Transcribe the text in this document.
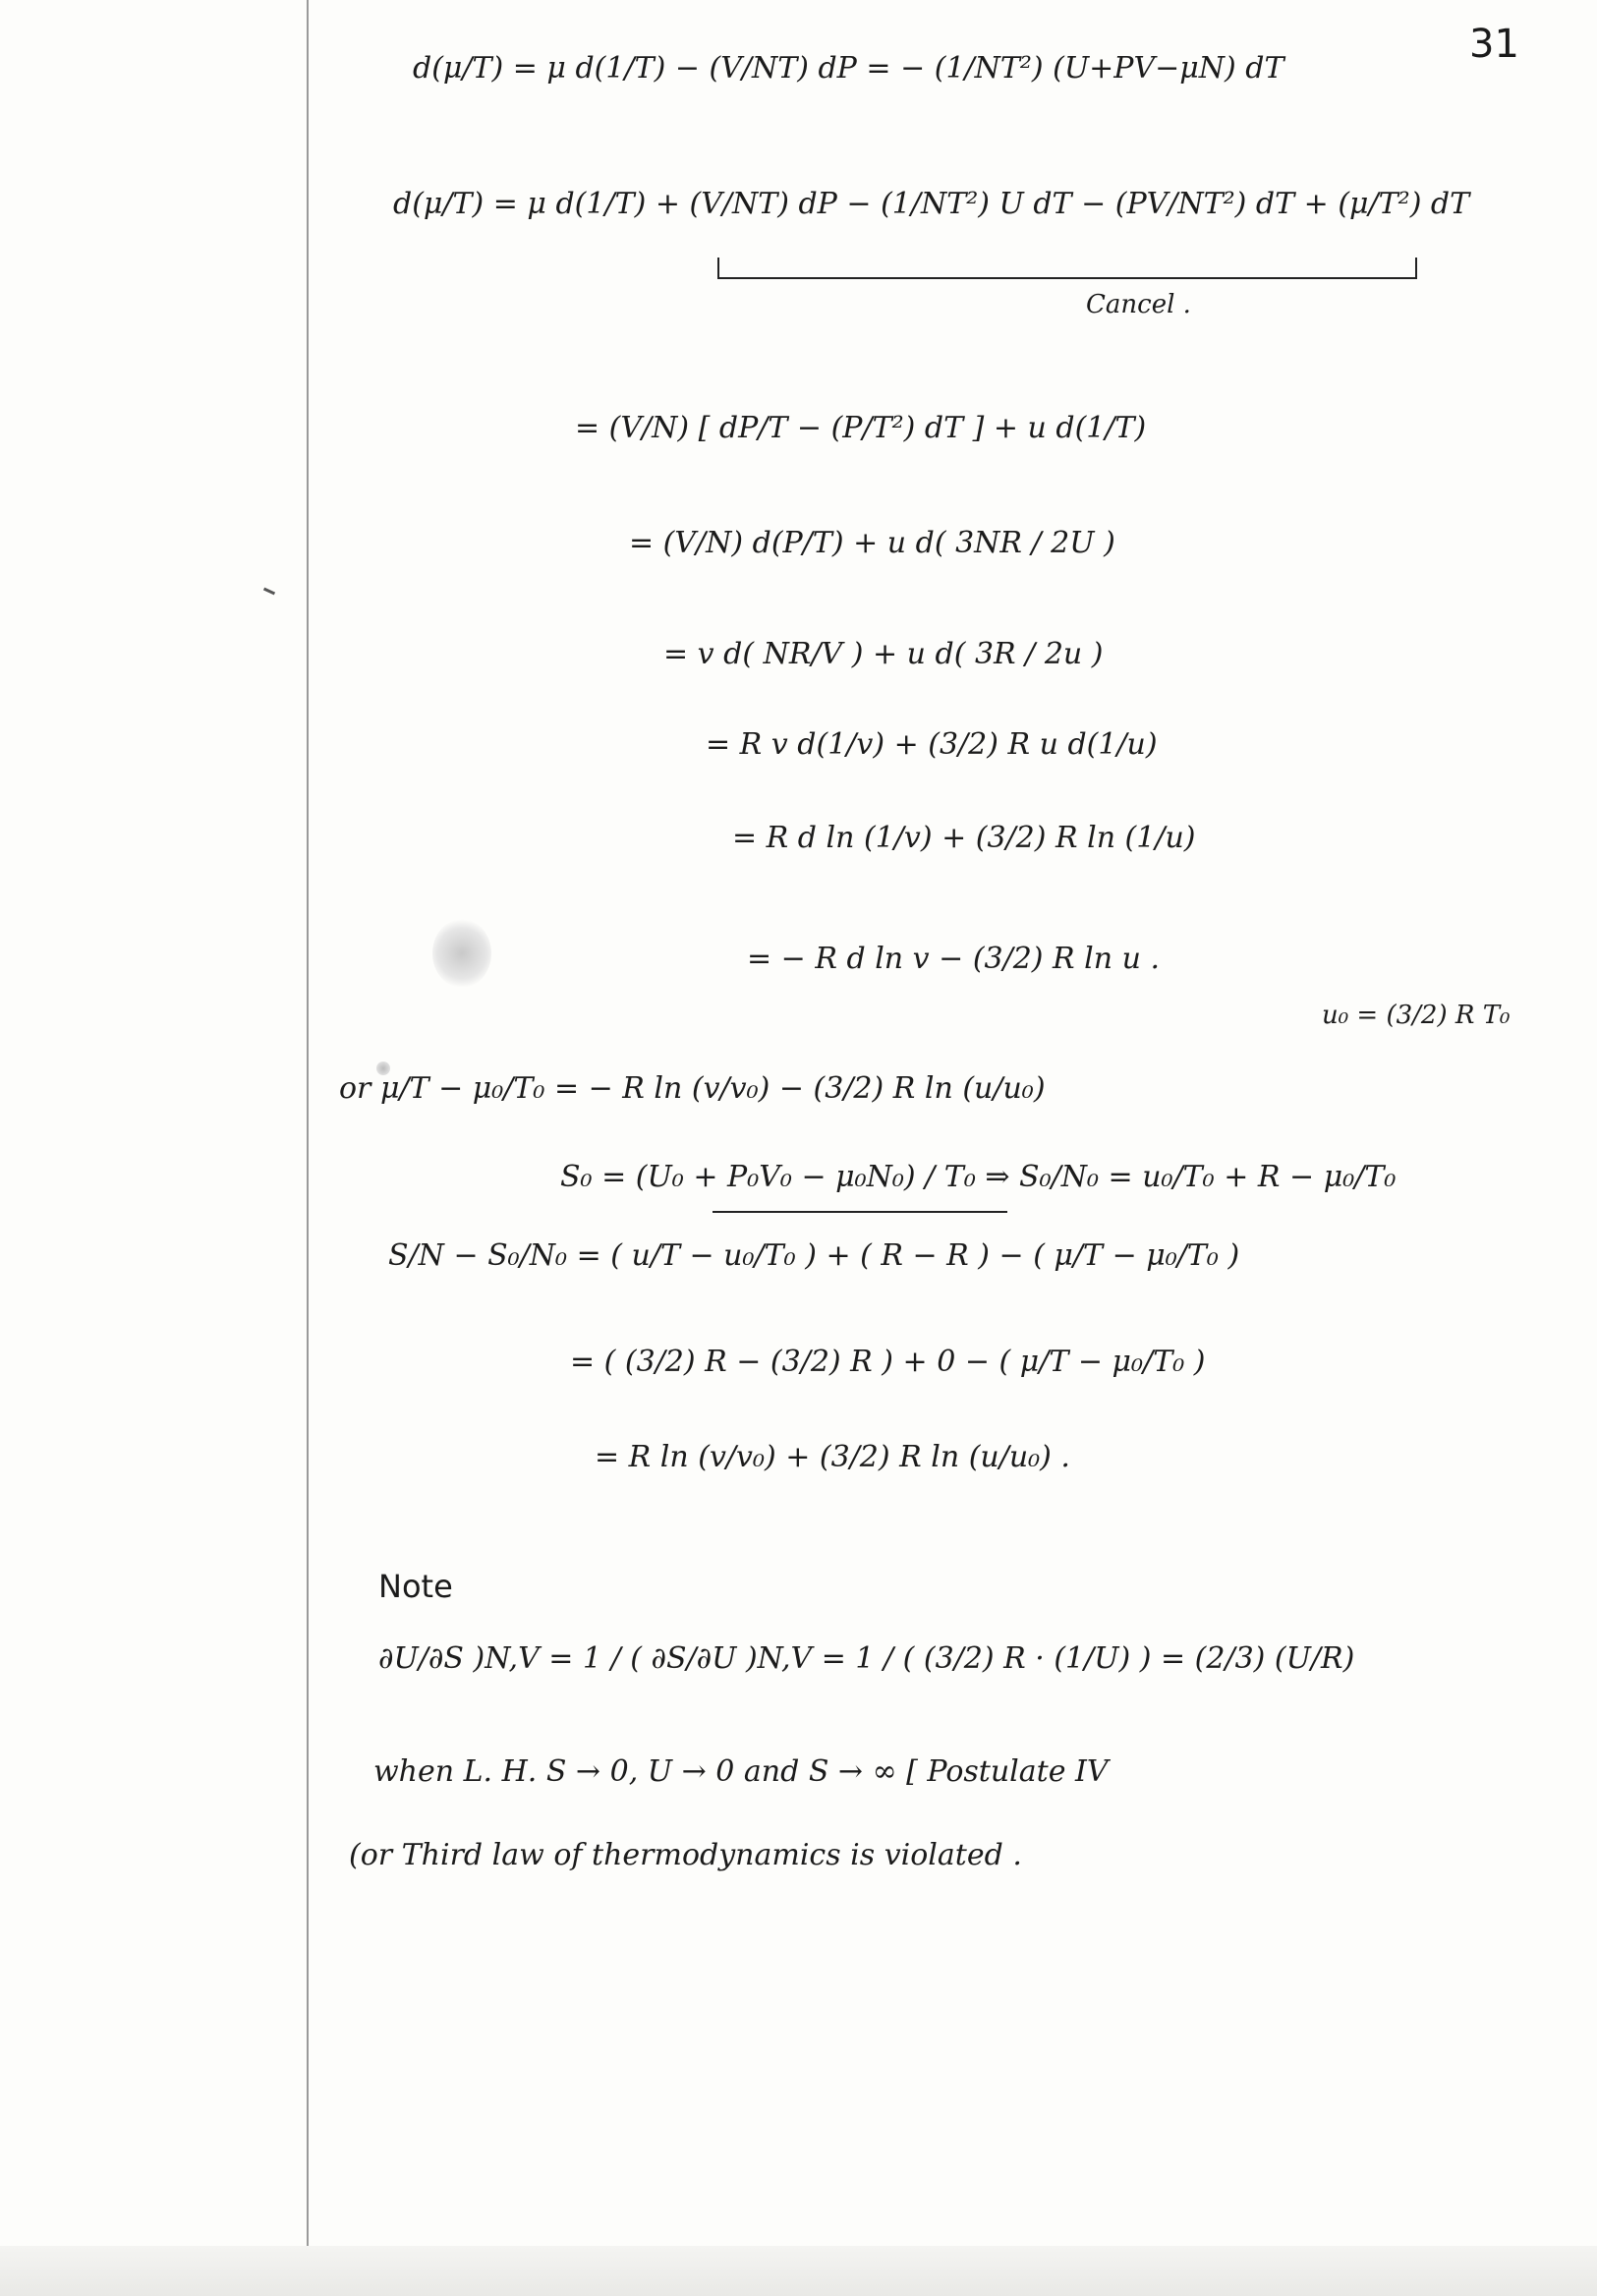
31
d(μ/T) = μ d(1/T) − (V/NT) dP = − (1/NT²) (U+PV−μN) dT
d(μ/T) = μ d(1/T) + (V/NT) dP − (1/NT²) U dT − (PV/NT²) dT + (μ/T²) dT
Cancel .
= (V/N) [ dP/T − (P/T²) dT ] + u d(1/T)
= (V/N) d(P/T) + u d( 3NR / 2U )
= v d( NR/V ) + u d( 3R / 2u )
= R v d(1/v) + (3/2) R u d(1/u)
= R d ln (1/v) + (3/2) R ln (1/u)
= − R d ln v − (3/2) R ln u .
u₀ = (3/2) R T₀
or μ/T − μ₀/T₀ = − R ln (v/v₀) − (3/2) R ln (u/u₀)
S₀ = (U₀ + P₀V₀ − μ₀N₀) / T₀ ⇒ S₀/N₀ = u₀/T₀ + R − μ₀/T₀
S/N − S₀/N₀ = ( u/T − u₀/T₀ ) + ( R − R ) − ( μ/T − μ₀/T₀ )
= ( (3/2) R − (3/2) R ) + 0 − ( μ/T − μ₀/T₀ )
= R ln (v/v₀) + (3/2) R ln (u/u₀) .
Note
∂U/∂S )N,V = 1 / ( ∂S/∂U )N,V = 1 / ( (3/2) R · (1/U) ) = (2/3) (U/R)
when L. H. S → 0, U → 0 and S → ∞ [ Postulate IV
(or Third law of thermodynamics is violated .
